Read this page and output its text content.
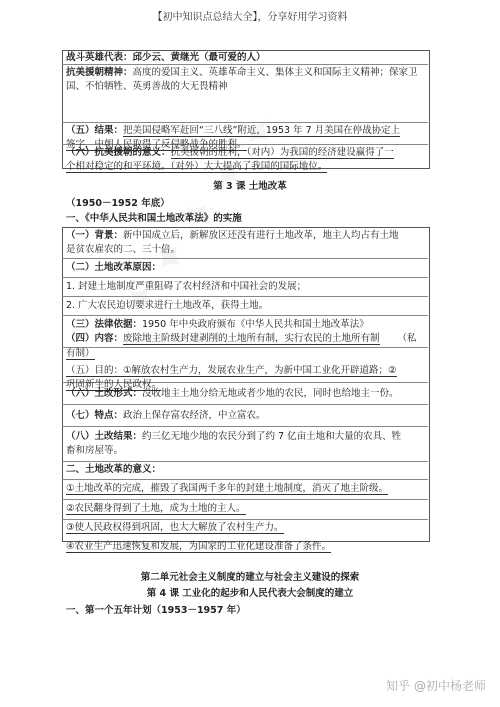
【初中知识点总结大全】，分享好用学习资料
战斗英雄代表：邱少云、黄继光（最可爱的人）
抗美援朝精神：高度的爱国主义、英雄革命主义、集体主义和国际主义精神；保家卫国、不怕牺牲、英勇善战的大无畏精神
（五）结果：把美国侵略军赶回“三八线”附近，1953 年 7 月美国在停战协定上
签字，中朝人民取得了反侵略战争的胜利。
（六）抗美援朝的意义：抗美援朝的胜利，（对内）为我国的经济建设赢得了一
个相对稳定的和平环境。（对外）大大提高了我国的国际地位。
第 3 课 土地改革
（1950－1952 年底）
一、《中华人民共和国土地改革法》的实施
（一）背景：新中国成立后，新解放区还没有进行土地改革，地主人均占有土地
是贫农雇农的二、三十倍。
（二）土地改革原因：
1. 封建土地制度严重阻碍了农村经济和中国社会的发展；
2. 广大农民迫切要求进行土地改革，获得土地。
（三）法律依据：1950 年中央政府颁布《中华人民共和国土地改革法》
（四）内容：废除地主阶级封建剥削的土地所有制，实行农民的土地所有制 （私
有制）
（五）目的：①解放农村生产力，发展农业生产，为新中国工业化开辟道路；②
巩固新生的人民政权。
（六）土改形式：没收地主土地分给无地或者少地的农民，同时也给地主一份。
（七）特点：政治上保存富农经济，中立富农。
（八）土改结果：约三亿无地少地的农民分到了约 7 亿亩土地和大量的农具、牲
畜和房屋等。
二、土地改革的意义：
①土地改革的完成，摧毁了我国两千多年的封建土地制度，消灭了地主阶级。
②农民翻身得到了土地，成为土地的主人。
③使人民政权得到巩固，也大大解放了农村生产力。
④农业生产迅速恢复和发展，为国家的工业化建设准备了条件。
第二单元社会主义制度的建立与社会主义建设的探索
第 4 课 工业化的起步和人民代表大会制度的建立
一、第一个五年计划（1953－1957 年）
知乎 @初中杨老师
